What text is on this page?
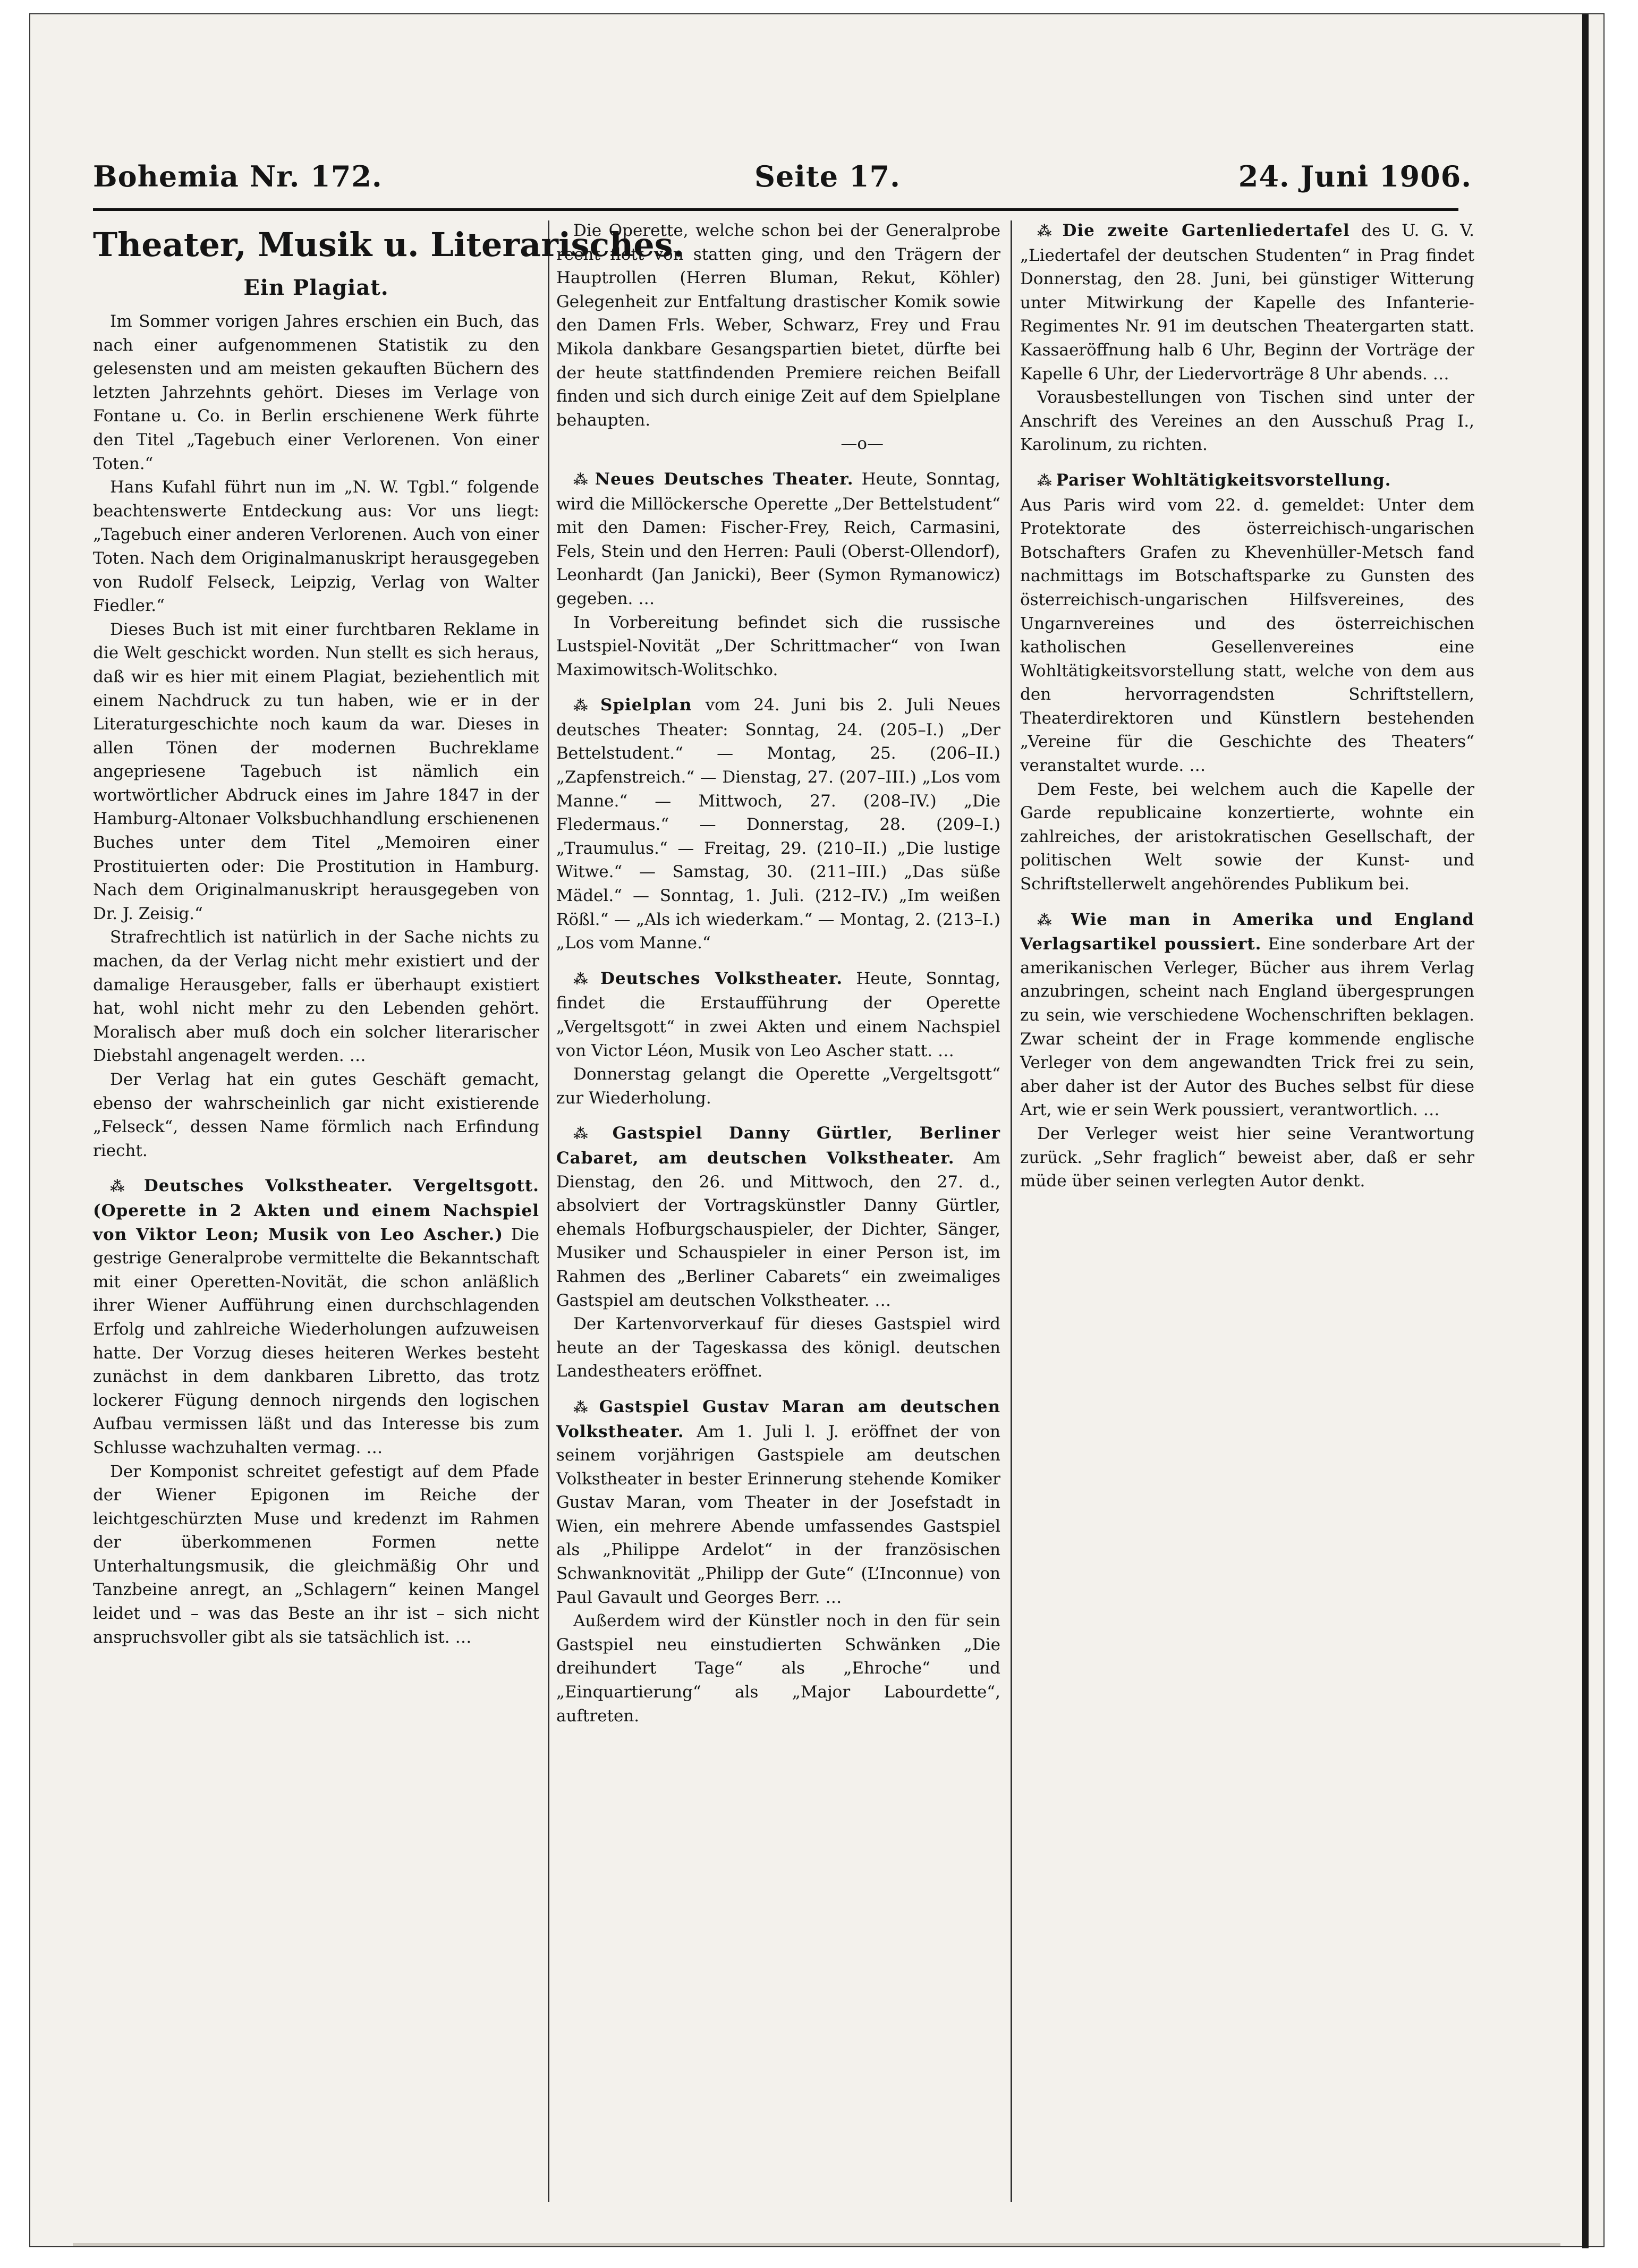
Bohemia Nr. 172.	Seite 17.	24. Juni 1906.
Theater, Musik u. Literarisches.
Ein Plagiat.

Im Sommer vorigen Jahres erschien ein Buch, das nach einer aufgenommenen Statistik zu den gelesensten und am meisten gekauften Büchern des letzten Jahrzehnts gehört. Dieses im Verlage von Fontane u. Co. in Berlin erschienene Werk führte den Titel „Tagebuch einer Verlorenen. Von einer Toten.“

Hans Kufahl führt nun im „N. W. Tgbl.“ folgende beachtenswerte Entdeckung aus: Vor uns liegt: „Tagebuch einer anderen Verlorenen. Auch von einer Toten. Nach dem Originalmanuskript herausgegeben von Rudolf Felseck, Leipzig, Verlag von Walter Fiedler.“

Dieses Buch ist mit einer furchtbaren Reklame in die Welt geschickt worden. Nun stellt es sich heraus, daß wir es hier mit einem Plagiat, beziehentlich mit einem Nachdruck zu tun haben, wie er in der Literaturgeschichte noch kaum da war. Dieses in allen Tönen der modernen Buchreklame angepriesene Tagebuch ist nämlich ein wortwörtlicher Abdruck eines im Jahre 1847 in der Hamburg-Altonaer Volksbuchhandlung erschienenen Buches unter dem Titel „Memoiren einer Prostituierten oder: Die Prostitution in Hamburg. Nach dem Originalmanuskript herausgegeben von Dr. J. Zeisig.“

Strafrechtlich ist natürlich in der Sache nichts zu machen, da der Verlag nicht mehr existiert und der damalige Herausgeber, falls er überhaupt existiert hat, wohl nicht mehr zu den Lebenden gehört. Moralisch aber muß doch ein solcher literarischer Diebstahl angenagelt werden. …

Der Verlag hat ein gutes Geschäft gemacht, ebenso der wahrscheinlich gar nicht existierende „Felseck“, dessen Name förmlich nach Erfindung riecht.

⁂ Deutsches Volkstheater. Vergeltsgott. (Operette in 2 Akten und einem Nachspiel von Viktor Leon; Musik von Leo Ascher.) Die gestrige Generalprobe vermittelte die Bekanntschaft mit einer Operetten-Novität, die schon anläßlich ihrer Wiener Aufführung einen durchschlagenden Erfolg und zahlreiche Wiederholungen aufzuweisen hatte. Der Vorzug dieses heiteren Werkes besteht zunächst in dem dankbaren Libretto, das trotz lockerer Fügung dennoch nirgends den logischen Aufbau vermissen läßt und das Interesse bis zum Schlusse wachzuhalten vermag. …

Der Komponist schreitet gefestigt auf dem Pfade der Wiener Epigonen im Reiche der leichtgeschürzten Muse und kredenzt im Rahmen der überkommenen Formen nette Unterhaltungsmusik, die gleichmäßig Ohr und Tanzbeine anregt, an „Schlagern“ keinen Mangel leidet und – was das Beste an ihr ist – sich nicht anspruchsvoller gibt als sie tatsächlich ist. …

Die Operette, welche schon bei der Generalprobe recht flott von statten ging, und den Trägern der Hauptrollen (Herren Bluman, Rekut, Köhler) Gelegenheit zur Entfaltung drastischer Komik sowie den Damen Frls. Weber, Schwarz, Frey und Frau Mikola dankbare Gesangspartien bietet, dürfte bei der heute stattfindenden Premiere reichen Beifall finden und sich durch einige Zeit auf dem Spielplane behaupten.

—o—

⁂ Neues Deutsches Theater. Heute, Sonntag, wird die Millöckersche Operette „Der Bettelstudent“ mit den Damen: Fischer-Frey, Reich, Carmasini, Fels, Stein und den Herren: Pauli (Oberst-Ollendorf), Leonhardt (Jan Janicki), Beer (Symon Rymanowicz) gegeben. …

In Vorbereitung befindet sich die russische Lustspiel-Novität „Der Schrittmacher“ von Iwan Maximowitsch-Wolitschko.

⁂ Spielplan vom 24. Juni bis 2. Juli Neues deutsches Theater: Sonntag, 24. (205–I.) „Der Bettelstudent.“ — Montag, 25. (206–II.) „Zapfenstreich.“ — Dienstag, 27. (207–III.) „Los vom Manne.“ — Mittwoch, 27. (208–IV.) „Die Fledermaus.“ — Donnerstag, 28. (209–I.) „Traumulus.“ — Freitag, 29. (210–II.) „Die lustige Witwe.“ — Samstag, 30. (211–III.) „Das süße Mädel.“ — Sonntag, 1. Juli. (212–IV.) „Im weißen Rößl.“ — „Als ich wiederkam.“ — Montag, 2. (213–I.) „Los vom Manne.“

⁂ Deutsches Volkstheater. Heute, Sonntag, findet die Erstaufführung der Operette „Vergeltsgott“ in zwei Akten und einem Nachspiel von Victor Léon, Musik von Leo Ascher statt. …

Donnerstag gelangt die Operette „Vergeltsgott“ zur Wiederholung.

⁂ Gastspiel Danny Gürtler, Berliner Cabaret, am deutschen Volkstheater. Am Dienstag, den 26. und Mittwoch, den 27. d., absolviert der Vortragskünstler Danny Gürtler, ehemals Hofburgschauspieler, der Dichter, Sänger, Musiker und Schauspieler in einer Person ist, im Rahmen des „Berliner Cabarets“ ein zweimaliges Gastspiel am deutschen Volkstheater. …

Der Kartenvorverkauf für dieses Gastspiel wird heute an der Tageskassa des königl. deutschen Landestheaters eröffnet.

⁂ Gastspiel Gustav Maran am deutschen Volkstheater. Am 1. Juli l. J. eröffnet der von seinem vorjährigen Gastspiele am deutschen Volkstheater in bester Erinnerung stehende Komiker Gustav Maran, vom Theater in der Josefstadt in Wien, ein mehrere Abende umfassendes Gastspiel als „Philippe Ardelot“ in der französischen Schwanknovität „Philipp der Gute“ (L’Inconnue) von Paul Gavault und Georges Berr. …

Außerdem wird der Künstler noch in den für sein Gastspiel neu einstudierten Schwänken „Die dreihundert Tage“ als „Ehroche“ und „Einquartierung“ als „Major Labourdette“, auftreten.

⁂ Die zweite Gartenliedertafel des U. G. V. „Liedertafel der deutschen Studenten“ in Prag findet Donnerstag, den 28. Juni, bei günstiger Witterung unter Mitwirkung der Kapelle des Infanterie-Regimentes Nr. 91 im deutschen Theatergarten statt. Kassaeröffnung halb 6 Uhr, Beginn der Vorträge der Kapelle 6 Uhr, der Liedervorträge 8 Uhr abends. …

Vorausbestellungen von Tischen sind unter der Anschrift des Vereines an den Ausschuß Prag I., Karolinum, zu richten.

⁂ Pariser Wohltätigkeitsvorstellung.

Aus Paris wird vom 22. d. gemeldet: Unter dem Protektorate des österreichisch-ungarischen Botschafters Grafen zu Khevenhüller-Metsch fand nachmittags im Botschaftsparke zu Gunsten des österreichisch-ungarischen Hilfsvereines, des Ungarnvereines und des österreichischen katholischen Gesellenvereines eine Wohltätigkeitsvorstellung statt, welche von dem aus den hervorragendsten Schriftstellern, Theaterdirektoren und Künstlern bestehenden „Vereine für die Geschichte des Theaters“ veranstaltet wurde. …

Dem Feste, bei welchem auch die Kapelle der Garde republicaine konzertierte, wohnte ein zahlreiches, der aristokratischen Gesellschaft, der politischen Welt sowie der Kunst- und Schriftstellerwelt angehörendes Publikum bei.

⁂ Wie man in Amerika und England Verlagsartikel poussiert. Eine sonderbare Art der amerikanischen Verleger, Bücher aus ihrem Verlag anzubringen, scheint nach England übergesprungen zu sein, wie verschiedene Wochenschriften beklagen. Zwar scheint der in Frage kommende englische Verleger von dem angewandten Trick frei zu sein, aber daher ist der Autor des Buches selbst für diese Art, wie er sein Werk poussiert, verantwortlich. …

Der Verleger weist hier seine Verantwortung zurück. „Sehr fraglich“ beweist aber, daß er sehr müde über seinen verlegten Autor denkt.
